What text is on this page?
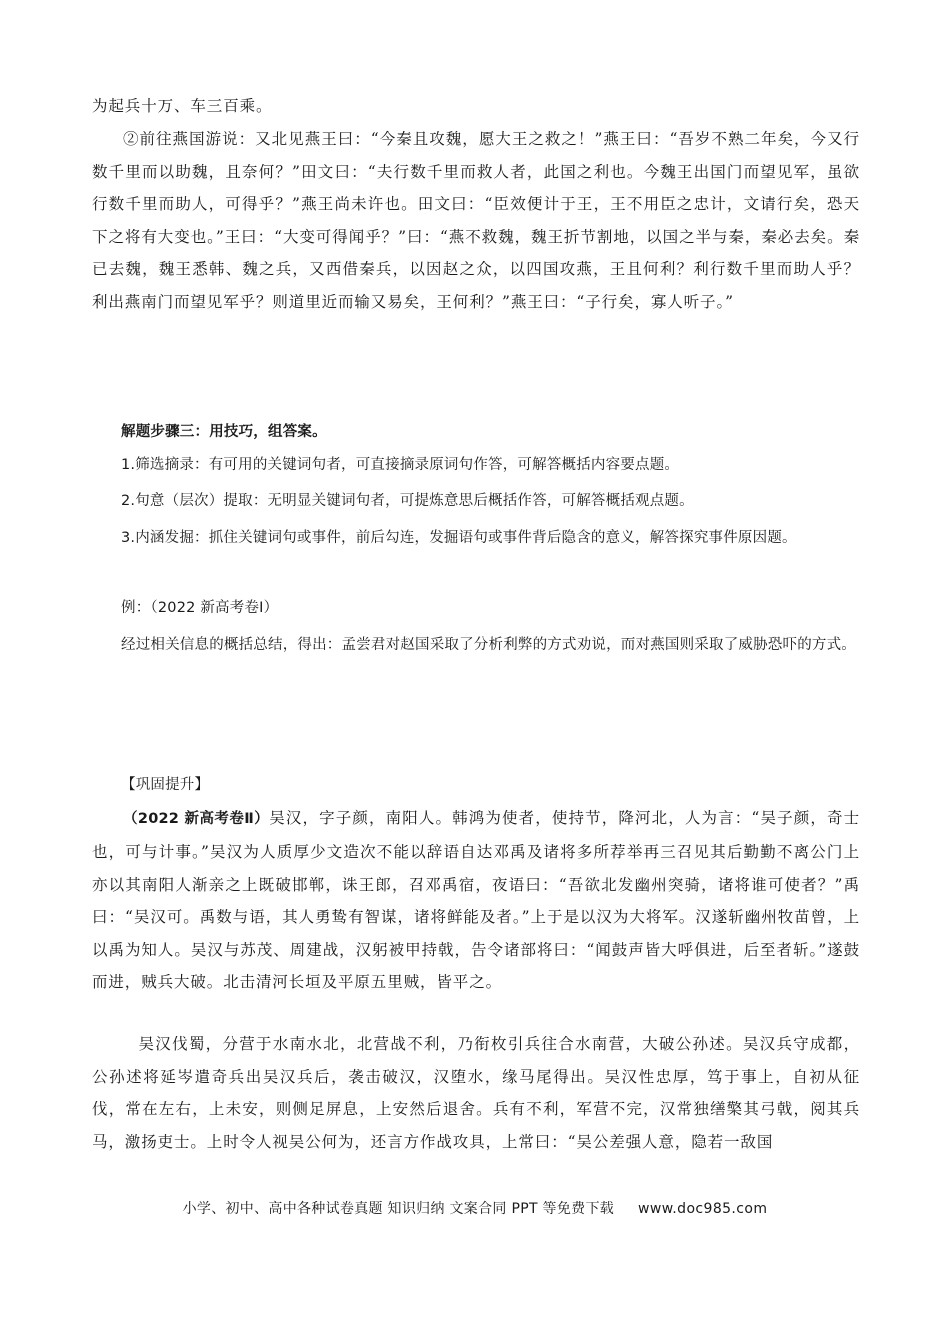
为起兵十万、车三百乘。

②前往燕国游说：又北见燕王曰：“今秦且攻魏，愿大王之救之！”燕王曰：“吾岁不熟二年矣，今又行数千里而以助魏，且奈何？”田文曰：“夫行数千里而救人者，此国之利也。今魏王出国门而望见军，虽欲行数千里而助人，可得乎？”燕王尚未许也。田文曰：“臣效便计于王，王不用臣之忠计，文请行矣，恐天下之将有大变也。”王曰：“大变可得闻乎？”曰：“燕不救魏，魏王折节割地，以国之半与秦，秦必去矣。秦已去魏，魏王悉韩、魏之兵，又西借秦兵，以因赵之众，以四国攻燕，王且何利？利行数千里而助人乎？利出燕南门而望见军乎？则道里近而输又易矣，王何利？”燕王曰：“子行矣，寡人听子。”

解题步骤三：用技巧，组答案。

1.筛选摘录：有可用的关键词句者，可直接摘录原词句作答，可解答概括内容要点题。

2.句意（层次）提取：无明显关键词句者，可提炼意思后概括作答，可解答概括观点题。

3.内涵发掘：抓住关键词句或事件，前后勾连，发掘语句或事件背后隐含的意义，解答探究事件原因题。

例：（2022 新高考卷Ⅰ）

经过相关信息的概括总结，得出：孟尝君对赵国采取了分析利弊的方式劝说，而对燕国则采取了威胁恐吓的方式。

【巩固提升】

（2022 新高考卷Ⅱ）吴汉，字子颜，南阳人。韩鸿为使者，使持节，降河北，人为言：“吴子颜，奇士也，可与计事。”吴汉为人质厚少文造次不能以辞语自达邓禹及诸将多所荐举再三召见其后勤勤不离公门上亦以其南阳人渐亲之上既破邯郸，诛王郎，召邓禹宿，夜语曰：“吾欲北发幽州突骑，诸将谁可使者？”禹曰：“吴汉可。禹数与语，其人勇鸷有智谋，诸将鲜能及者。”上于是以汉为大将军。汉遂斩幽州牧苗曾，上以禹为知人。吴汉与苏茂、周建战，汉躬被甲持戟，告令诸部将曰：“闻鼓声皆大呼俱进，后至者斩。”遂鼓而进，贼兵大破。北击清河长垣及平原五里贼，皆平之。

吴汉伐蜀，分营于水南水北，北营战不利，乃衔枚引兵往合水南营，大破公孙述。吴汉兵守成都，公孙述将延岑遣奇兵出吴汉兵后，袭击破汉，汉堕水，缘马尾得出。吴汉性忠厚，笃于事上，自初从征伐，常在左右，上未安，则侧足屏息，上安然后退舍。兵有不利，军营不完，汉常独缮檠其弓戟，阅其兵马，激扬吏士。上时令人视吴公何为，还言方作战攻具，上常曰：“吴公差强人意，隐若一敌国

小学、初中、高中各种试卷真题 知识归纳 文案合同 PPT 等免费下载 www.doc985.com
